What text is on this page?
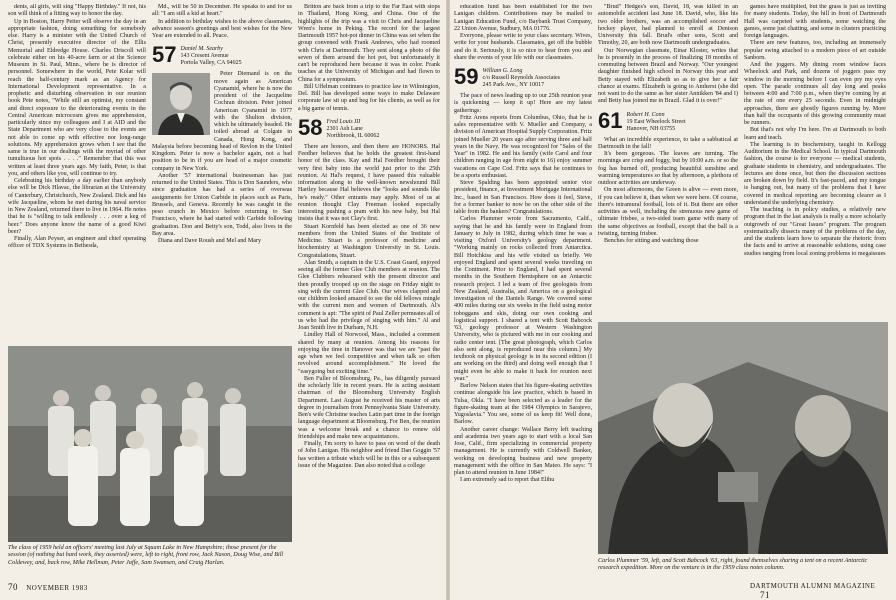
dents, all girls, will sing "Happy Birthday." If not, his son will think of a fitting way to honor the day.

Up in Boston, Harry Petter will observe the day in an appropriate fashion, doing something for somebody else. Harry is a minister with the United Church of Christ, presently executive director of the Ellis Memorial and Eldredge House. Charles Driscoll will celebrate either on his 40-acre farm or at the Science Museum in St. Paul, Minn., where he is director of personnel. Somewhere in the world, Pete Kolar will reach the half-century mark as an Agency for International Development representative. In a prophetic and disturbing observation in our reunion book Pete notes, "While still an optimist, my constant and direct exposure to the deteriorating events in the Central American microcosm gives me apprehension, particularly since my colleagues and I at AID and the State Department who are very close to the events are not able to come up with effective nor long-range solutions. My apprehension grows when I see that the same is true in our dealings with the myriad of other tumultuous hot spots . . . ." Remember that this was written at least three years ago. My faith, Peter, is that you, and others like you, will continue to try.

Celebrating his birthday a day earlier than anybody else will be Dick Hlavac, the librarian at the University of Canterbury, Christchurch, New Zealand. Dick and his wife Jacqueline, whom he met during his naval service in New Zealand, returned there to live in 1964. He notes that he is "willing to talk endlessly . . . over a keg of beer." Does anyone know the name of a good Kiwi beer?

Finally, Alan Peyser, an engineer and chief operating officer of TDX Systems in Bethesda,

Md., will be 50 in December. He speaks to and for us all: "I am still a kid at heart."

In addition to birthday wishes to the above classmates, advance season's greetings and best wishes for the New Year are extended to all. Peace.

57 Daniel M. Searby
143 Cresent Avenue
Portola Valley, CA 94025

Peter Diemand is on the move again as American Cyanamid, where he is now the president of the Jacqueline Cochran division. Peter joined American Cyanamid in 1977 with the Shulton division, which he ultimately headed. He toiled abroad at Colgate in Canada, Hong Kong, and Malaysia before becoming head of Revlon in the United Kingdom. Peter is now a bachelor again, not a bad position to be in if you are head of a major cosmetic company in New York.

Another '57 international businessman has just returned to the United States. This is Don Saunders, who since graduation has had a series of overseas assignments for Union Carbide in places such as Paris, Brussels, and Geneva. Recently he was caught in the peso crunch in Mexico before returning to San Francisco, where he had started with Carbide following graduation. Don and Betty's son, Todd, also lives in the Bay area.

Diana and Dave Roush and Mel and Mary

Britton are back from a trip to the Far East with stops in Thailand, Hong Kong, and China. One of the highlights of the trip was a visit to Chris and Jacqueline Wren's home in Peking. The record for the largest Dartmouth 1957 hot-pot dinner in China was set when the group convened with Frank Andrews, who had roomed with Chris at Dartmouth. They sent along a photo of the seven of them around the hot pot, but unfortunately it can't be reproduced here because it was in color. Frank teaches at the University of Michigan and had flown to China for a symposium.

Bill Uffelman continues to practice law in Wilmington, Del. Bill has developed some ways to make Delaware corporate law sit up and beg for his clients, as well as for a big game of tennis.

58 Fred Louis III
2301 Ash Lane
Northbrook, IL 60062

There are honors, and then there are HONORS. Hal Feedher believes that he holds the greatest first-hand honor of the class. Kay and Hal Feedher brought their very first baby into the world just prior to the 25th reunion. At Hal's request, I have passed this valuable information along to the well-known newshound Bill Hartley because Hal believes the "looks and sounds like he's ready." Other entrants may apply. Most of us at reunion thought Clay Freeman looked especially interesting pushing a pram with his new baby, but Hal insists that it was not Clay's first.

Stuart Kornfeld has been elected as one of 36 new members from the United States of the Institute of Medicine. Stuart is a professor of medicine and biochemistry at Washington University in St. Louis. Congratulations, Stuart.

Alan Smith, a captain in the U.S. Coast Guard, enjoyed seeing all the former Glee Club members at reunion. The Glee Clubbers rehearsed with the present director and then proudly trooped up on the stage on Friday night to sing with the current Glee Club. Our wives clapped and our children looked amazed to see the old fellows mingle with the current men and women of Dartmouth. Al's comment is apt: "The spirit of Paul Zeller permeates all of us who had the privilege of singing with him." Al and Joan Smith live in Durham, N.H.

Lindley Hall of Norwood, Mass., included a comment shared by many at reunion. Among his reasons for enjoying the time in Hanover was that we are "past the age when we feel competitive and when talk so often revolved around accomplishment." He loved the "easygoing but exciting time."

Ben Fuller of Bloomsburg, Pa., has diligently pursued the scholarly life in recent years. He is acting assistant chairman of the Bloomsburg University English Department. Last August he received his master of arts degree in journalism from Pennsylvania State University. Ben's wife Christine teaches Latin part time in the foreign language department at Bloomsburg. For Ben, the reunion was a welcome break and a chance to renew old friendships and make new acquaintances.

Finally, I'm sorry to have to pass on word of the death of John Lanigan. His neighbor and friend Dan Goggin '57 has written a tribute which will be in this or a subsequent issue of the Magazine. Dan also noted that a college

The class of 1959 held an officers' meeting last July at Squam Lake in New Hampshire; those present for the session (of nothing but hard work, they asserted) were, left to right, front row, Jack Nason, Doug Wise, and Bill Coldewey, and, back row, Mike Hellman, Peter Jaffe, Sam Swansen, and Craig Harlan.
70 NOVEMBER 1983

education fund has been established for the two Lanigan children. Contributions may be mailed to Lanigan Education Fund, c/o Baybank Trust Company, 22 Union Avenue, Sudbury, MA 01776.

Everyone, please write to your class secretary. Wives, write for your husbands. Classmates, get off the bubble and do it. Seriously, it is so nice to hear from you and share the events of your life with our classmates.

59 William G. Long
c/o Russell Reynolds Associates
245 Park Ave., NY 10017

The pace of news leading up to our 25th reunion year is quickening — keep it up! Here are my latest gatherings:

Fritz Arens reports from Columbus, Ohio, that he is sales representative with V. Mueller and Company, a division of American Hospital Supply Corporation. Fritz joined Mueller 20 years ago after serving three and half years in the Navy. He was recognized for "Sales of the Year" in 1982. He and his family (wife Carol and four children ranging in age from eight to 16) enjoy summer vacations on Cape Cod. Fritz says that he continues to be a sports enthusiast.

Steve Spalding has been appointed senior vice president, finance, at Investment Mortgage International Inc., based in San Francisco. How does it feel, Steve, for a former banker to now be on the other side of the table from the bankers? Congratulations.

Carlos Plummer wrote from Sacramento, Calif., saying that he and his family were in England from January to July in 1982, during which time he was a visiting Oxford University's geology department. "Working mainly on rocks collected from Antarctica. Bill Hotchkiss and his wife visited us briefly. We enjoyed England and spent several weeks traveling on the Continent. Prior to England, I had spent several months in the Southern Hemisphere on an Antarctic research project. I led a team of five geologists from New Zealand, Australia, and America on a geological investigation of the Daniels Range. We covered some 400 miles during our six weeks in the field using motor toboggans and skis, doing our own cooking and logistical support. I shared a tent with Scott Babcock '63, geology professor at Western Washington University, who is pictured with me in our cooking and radio center tent. [The great photograph, which Carlos also sent along, is reproduced near this column.] My textbook on physical geology is in its second edition (I am working on the third) and doing well enough that I might even be able to make it back for reunion next year."

Barlow Nelson states that his figure-skating activities continue alongside his law practice, which is based in Tulsa, Okla. "I have been selected as a leader for the figure-skating team at the 1984 Olympics in Sarajevo, Yugoslavia." You see, some of us keep fit! Well done, Barlow.

Another career change: Wallace Berry left teaching and academia two years ago to start with a local San Jose, Calif., firm specializing in commercial property management. He is currently with Coldwell Banker, working on developing business and new property management with the office in San Mateo. He says: "I plan to attend reunion in June 1984!"

I am extremely sad to report that Elihu

"Brud" Hedges's son, David, 18, was killed in an automobile accident last June 18. David, who, like his two older brothers, was an accomplished soccer and hockey player, had planned to enroll at Denison University this fall. Brud's other sons, Scott and Timothy, 20, are both now Dartmouth undergraduates.

Our Norwegian classmate, Einar Kloster, writes that he is presently in the process of finalizing 18 months of commuting between Brazil and Norway. "Our youngest daughter finished high school in Norway this year and Betty stayed with Elizabeth so as to give her a fair chance at exams. Elizabeth is going to Amherst (she did not want to do the same as her sister Annikken '84 and I) and Betty has joined me in Brazil. Glad it is over!"

61 Robert H. Conn
19 East Wheelock Street
Hanover, NH 03755

What an incredible experience, to take a sabbatical at Dartmouth in the fall!

It's been gorgeous. The leaves are turning. The mornings are crisp and foggy, but by 10:00 a.m. or so the fog has burned off, producing beautiful sunshine and warming temperatures so that by afternoon, a plethora of outdoor activities are underway.

On most afternoons, the Green is alive — even more, if you can believe it, than when we were here. Of course, there's intramural football, lots of it. But there are other activities as well, including the strenuous new game of ultimate frisbee, a two-sided team game with many of the same objectives as football, except that the ball is a twisting, turning frisbee.

Benches for sitting and watching those

games have multiplied, but the grass is just as inviting for many students. Today, the hill in front of Dartmouth Hall was carpeted with students, some watching the games, some just chatting, and some in clusters practicing foreign languages.

There are new features, too, including an immensely popular swing attached to a modern piece of art outside Sanborn.

And the joggers. My dining room window faces Wheelock and Park, and dozens of joggers pass my window in the morning before I can even pry my eyes open. The parade continues all day long and peaks between 4:00 and 7:00 p.m., when they're coming by at the rate of one every 25 seconds. Even in midnight approaches, there are ghostly figures running by. More than half the occupants of this growing community must be runners.

But that's not why I'm here. I'm at Dartmouth to both learn and teach.

The learning is in biochemistry, taught in Kellogg Auditorium in the Medical School. In typical Dartmouth fashion, the course is for everyone — medical students, graduate students in chemistry, and undergraduates. The lectures are done once, but then the discussion sections are broken down by field. It's fast-paced, and my tongue is hanging out, but many of the problems that I have covered in medical reporting are becoming clearer as I understand the underlying chemistry.

The teaching is in policy studies, a relatively new program that in the last analysis is really a more scholarly outgrowth of our "Great Issues" program. The program systematically dissects many of the problems of the day, and the students learn how to separate the rhetoric from the facts and to arrive at reasonable solutions, using case studies ranging from local zoning problems to megaissues

Carlos Plummer '59, left, and Scott Babcock '63, right, found themselves sharing a tent on a recent Antarctic research expedition. More on the venture is in the 1959 class notes column.
DARTMOUTH ALUMNI MAGAZINE 71
